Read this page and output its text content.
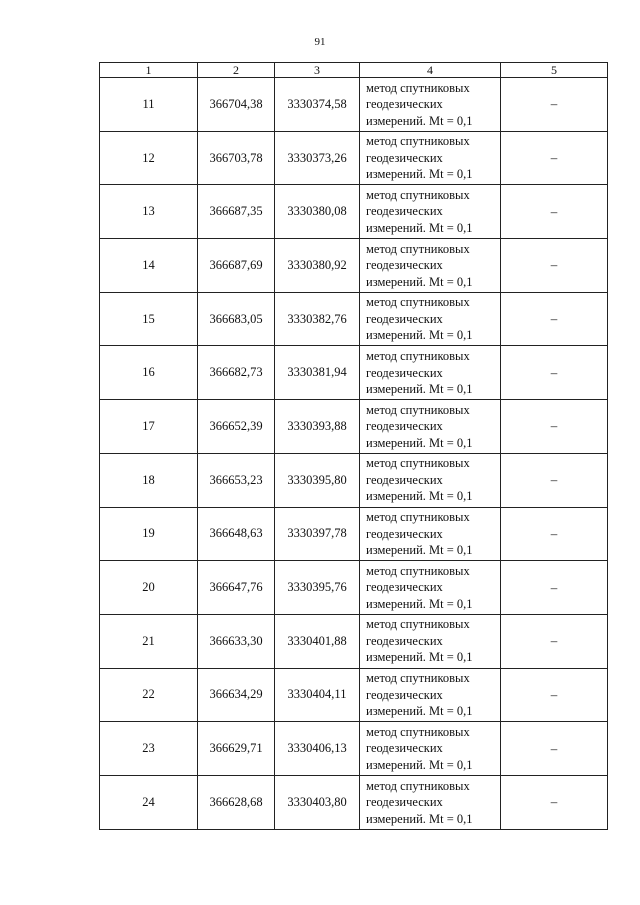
91
1	2	3	4	5
11	366704,38	3330374,58	метод спутниковых
геодезических
измерений. Mt = 0,1	–
12	366703,78	3330373,26	метод спутниковых
геодезических
измерений. Mt = 0,1	–
13	366687,35	3330380,08	метод спутниковых
геодезических
измерений. Mt = 0,1	–
14	366687,69	3330380,92	метод спутниковых
геодезических
измерений. Mt = 0,1	–
15	366683,05	3330382,76	метод спутниковых
геодезических
измерений. Mt = 0,1	–
16	366682,73	3330381,94	метод спутниковых
геодезических
измерений. Mt = 0,1	–
17	366652,39	3330393,88	метод спутниковых
геодезических
измерений. Mt = 0,1	–
18	366653,23	3330395,80	метод спутниковых
геодезических
измерений. Mt = 0,1	–
19	366648,63	3330397,78	метод спутниковых
геодезических
измерений. Mt = 0,1	–
20	366647,76	3330395,76	метод спутниковых
геодезических
измерений. Mt = 0,1	–
21	366633,30	3330401,88	метод спутниковых
геодезических
измерений. Mt = 0,1	–
22	366634,29	3330404,11	метод спутниковых
геодезических
измерений. Mt = 0,1	–
23	366629,71	3330406,13	метод спутниковых
геодезических
измерений. Mt = 0,1	–
24	366628,68	3330403,80	метод спутниковых
геодезических
измерений. Mt = 0,1	–
